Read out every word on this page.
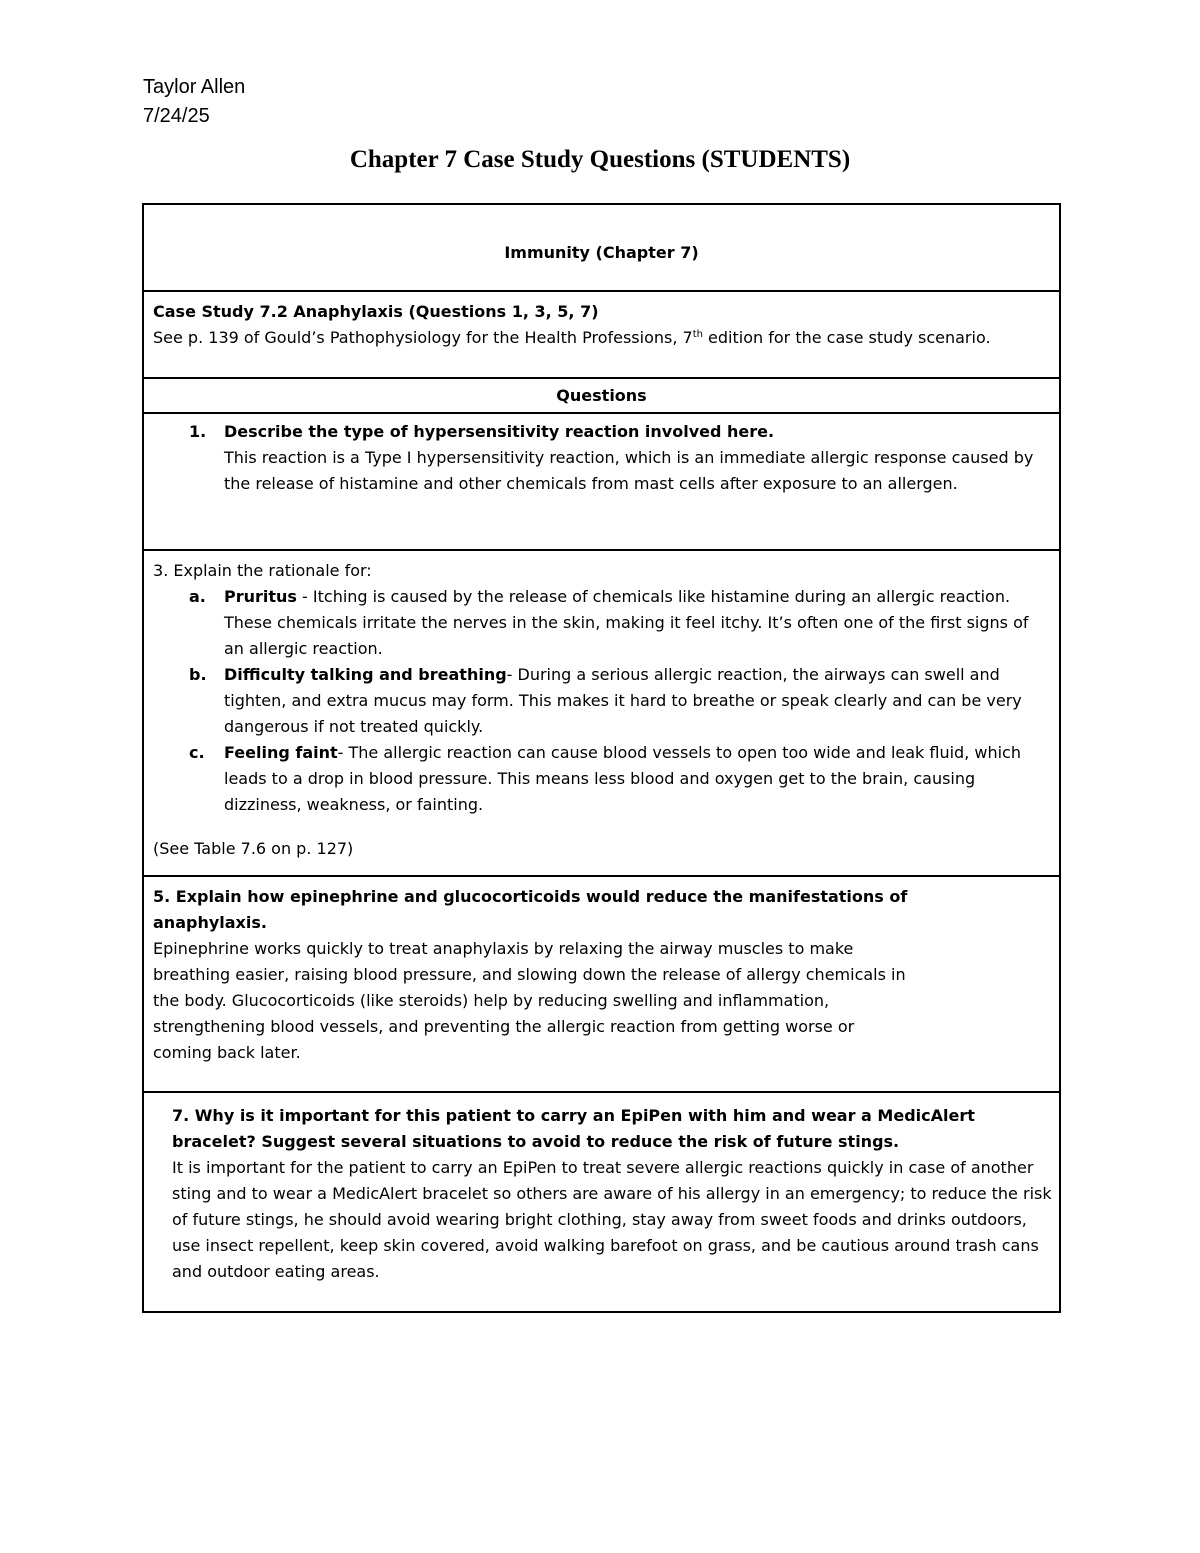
Taylor Allen
7/24/25
Chapter 7 Case Study Questions (STUDENTS)
Immunity (Chapter 7)

Case Study 7.2 Anaphylaxis (Questions 1, 3, 5, 7)
See p. 139 of Gould’s Pathophysiology for the Health Professions, 7th edition for the case study scenario.

Questions

1. Describe the type of hypersensitivity reaction involved here.
This reaction is a Type I hypersensitivity reaction, which is an immediate allergic response caused by the release of histamine and other chemicals from mast cells after exposure to an allergen.

3. Explain the rationale for:
a. Pruritus - Itching is caused by the release of chemicals like histamine during an allergic reaction. These chemicals irritate the nerves in the skin, making it feel itchy. It’s often one of the first signs of an allergic reaction.
b. Difficulty talking and breathing- During a serious allergic reaction, the airways can swell and tighten, and extra mucus may form. This makes it hard to breathe or speak clearly and can be very dangerous if not treated quickly.
c. Feeling faint- The allergic reaction can cause blood vessels to open too wide and leak fluid, which leads to a drop in blood pressure. This means less blood and oxygen get to the brain, causing dizziness, weakness, or fainting.
(See Table 7.6 on p. 127)

5. Explain how epinephrine and glucocorticoids would reduce the manifestations of anaphylaxis.
Epinephrine works quickly to treat anaphylaxis by relaxing the airway muscles to make breathing easier, raising blood pressure, and slowing down the release of allergy chemicals in the body. Glucocorticoids (like steroids) help by reducing swelling and inflammation, strengthening blood vessels, and preventing the allergic reaction from getting worse or coming back later.

7. Why is it important for this patient to carry an EpiPen with him and wear a MedicAlert bracelet? Suggest several situations to avoid to reduce the risk of future stings.
It is important for the patient to carry an EpiPen to treat severe allergic reactions quickly in case of another sting and to wear a MedicAlert bracelet so others are aware of his allergy in an emergency; to reduce the risk of future stings, he should avoid wearing bright clothing, stay away from sweet foods and drinks outdoors, use insect repellent, keep skin covered, avoid walking barefoot on grass, and be cautious around trash cans and outdoor eating areas.
